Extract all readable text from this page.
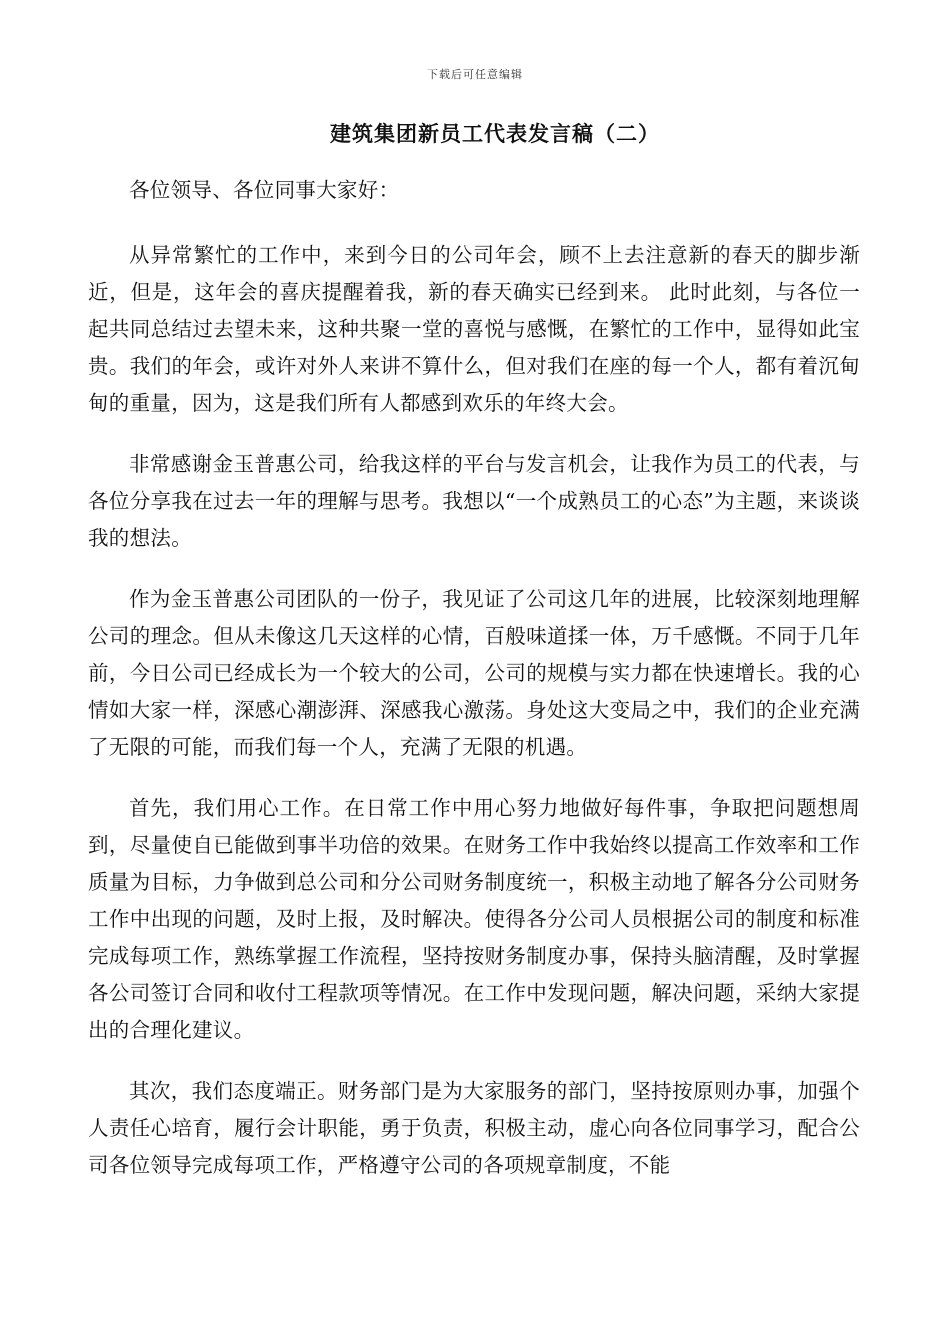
下载后可任意编辑
建筑集团新员工代表发言稿（二）

各位领导、各位同事大家好：

从异常繁忙的工作中，来到今日的公司年会，顾不上去注意新的春天的脚步渐近，但是，这年会的喜庆提醒着我，新的春天确实已经到来。 此时此刻，与各位一起共同总结过去望未来，这种共聚一堂的喜悦与感慨，在繁忙的工作中，显得如此宝贵。我们的年会，或许对外人来讲不算什么，但对我们在座的每一个人，都有着沉甸甸的重量，因为，这是我们所有人都感到欢乐的年终大会。

非常感谢金玉普惠公司，给我这样的平台与发言机会，让我作为员工的代表，与各位分享我在过去一年的理解与思考。我想以“一个成熟员工的心态”为主题，来谈谈我的想法。

作为金玉普惠公司团队的一份子，我见证了公司这几年的进展，比较深刻地理解公司的理念。但从未像这几天这样的心情，百般味道揉一体，万千感慨。不同于几年前，今日公司已经成长为一个较大的公司，公司的规模与实力都在快速增长。我的心情如大家一样，深感心潮澎湃、深感我心激荡。身处这大变局之中，我们的企业充满了无限的可能，而我们每一个人，充满了无限的机遇。

首先，我们用心工作。在日常工作中用心努力地做好每件事，争取把问题想周到，尽量使自已能做到事半功倍的效果。在财务工作中我始终以提高工作效率和工作质量为目标，力争做到总公司和分公司财务制度统一，积极主动地了解各分公司财务工作中出现的问题，及时上报，及时解决。使得各分公司人员根据公司的制度和标准完成每项工作，熟练掌握工作流程，坚持按财务制度办事，保持头脑清醒，及时掌握各公司签订合同和收付工程款项等情况。在工作中发现问题，解决问题，采纳大家提出的合理化建议。

其次，我们态度端正。财务部门是为大家服务的部门，坚持按原则办事，加强个人责任心培育，履行会计职能，勇于负责，积极主动，虚心向各位同事学习，配合公司各位领导完成每项工作，严格遵守公司的各项规章制度，不能
